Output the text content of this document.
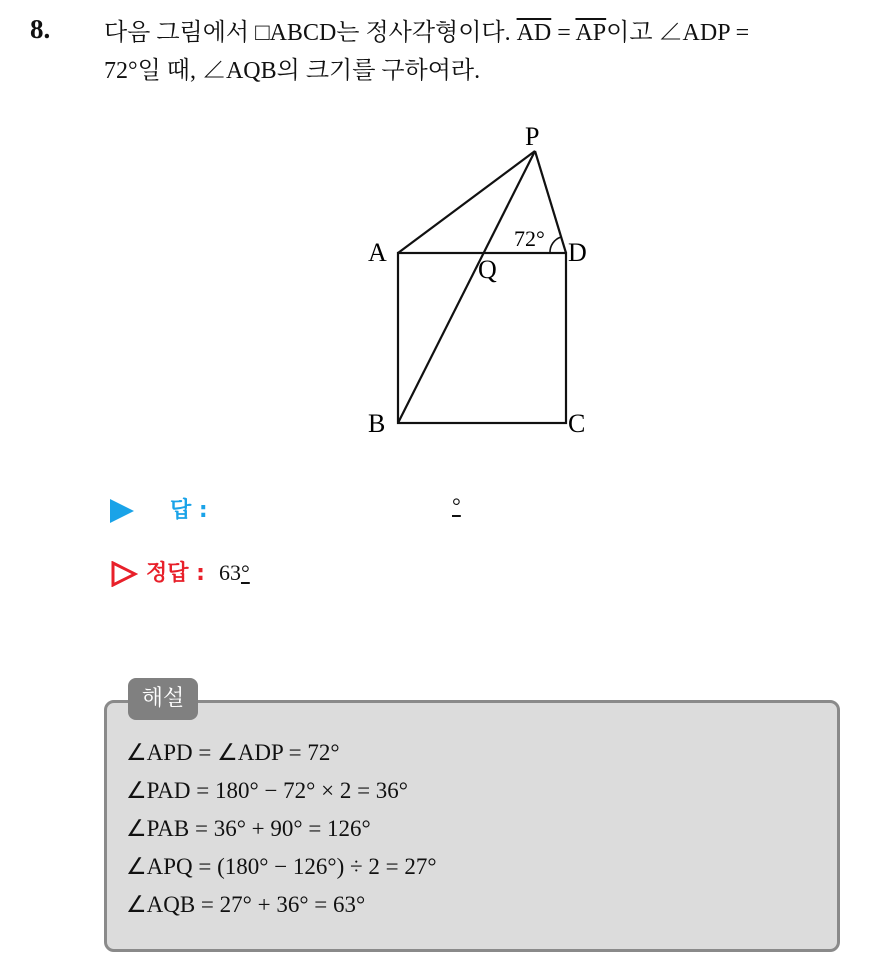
8. 다음 그림에서 □ABCD는 정사각형이다. $\overline{AD} = \overline{AP}$이고 ∠ADP =
72°일 때, ∠AQB의 크기를 구하여라.
P
A	D
Q
B	C
72°
답 :	°
정답 : 63°
해설
∠APD = ∠ADP = 72°
∠PAD = 180° − 72° × 2 = 36°
∠PAB = 36° + 90° = 126°
∠APQ = (180° − 126°) ÷ 2 = 27°
∠AQB = 27° + 36° = 63°
